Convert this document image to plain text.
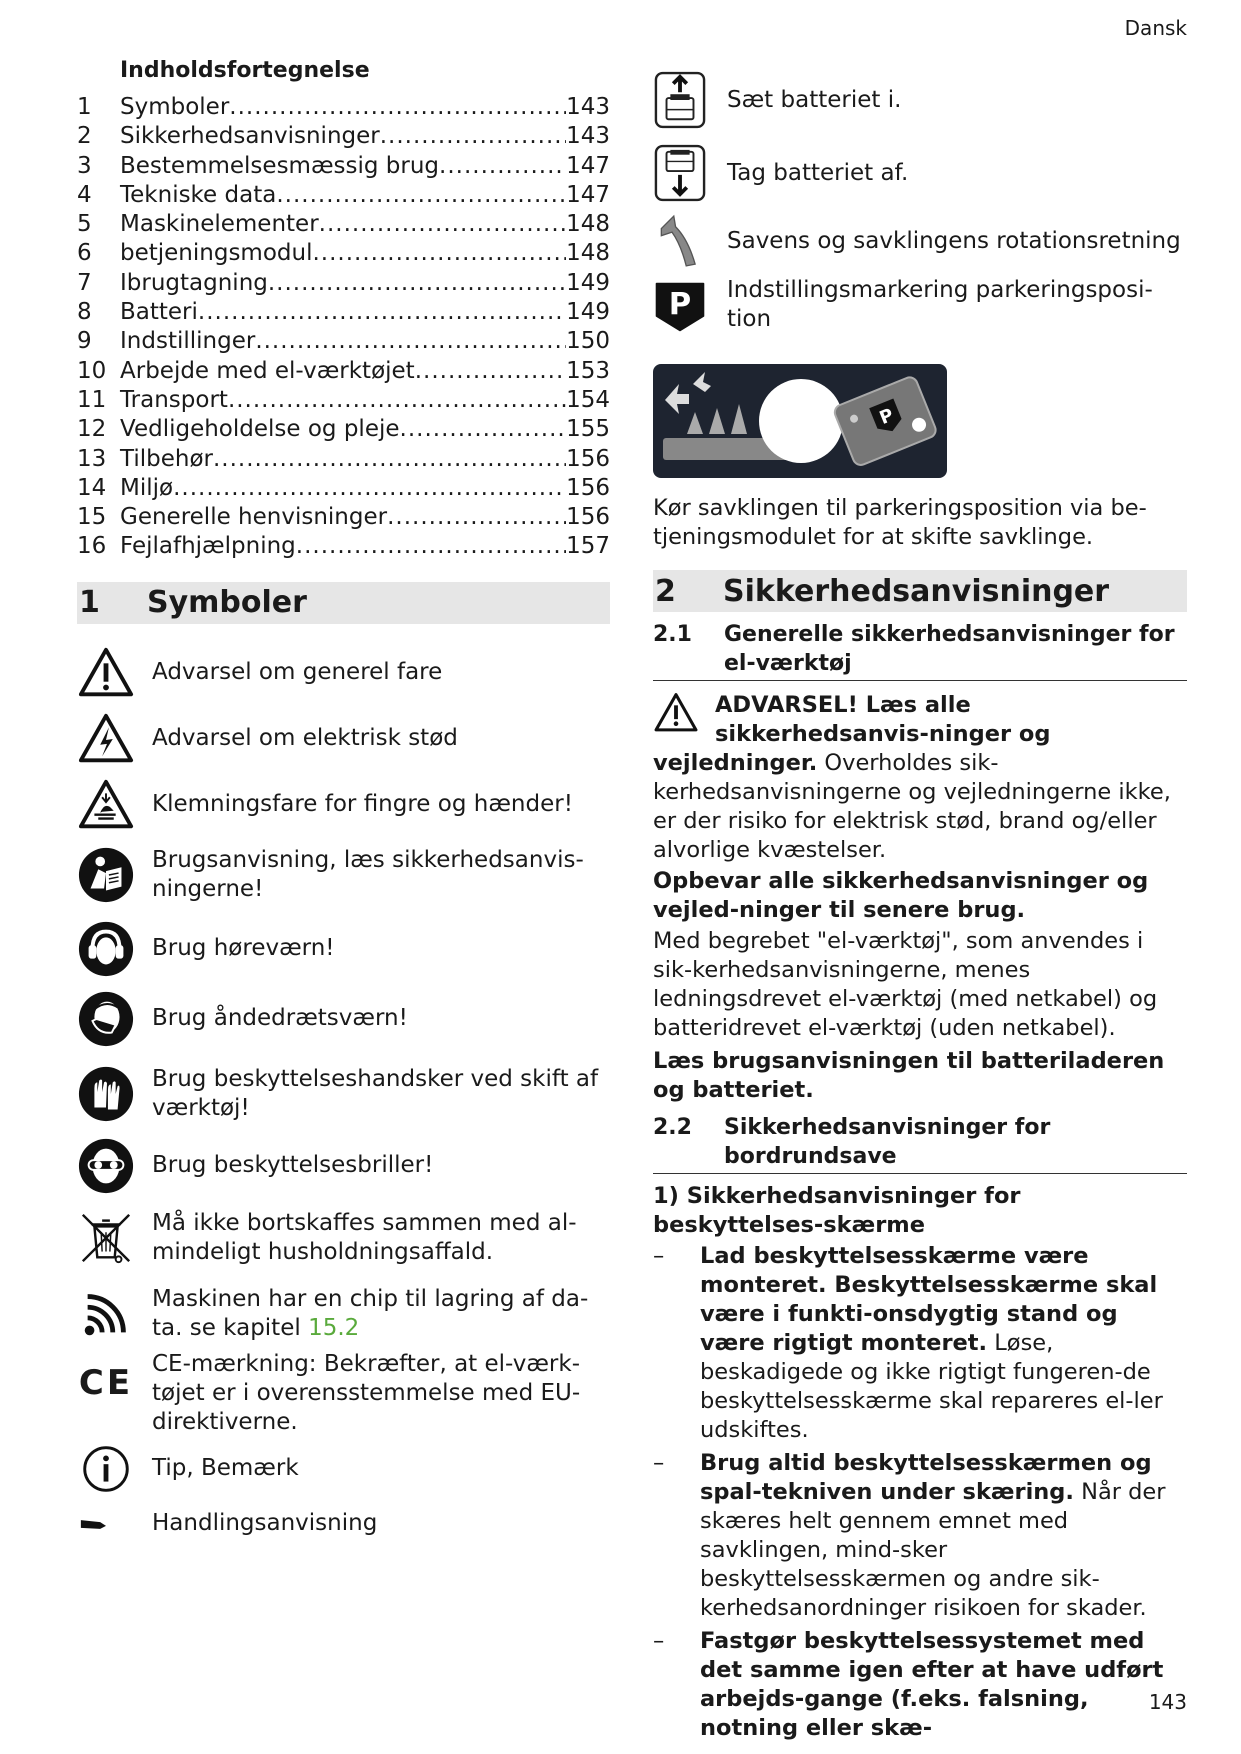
Dansk
Indholdsfortegnelse
1	Symboler .....	143
2	Sikkerhedsanvisninger .....	143
3	Bestemmelsesmæssig brug .....	147
4	Tekniske data .....	147
5	Maskinelementer .....	148
6	betjeningsmodul .....	148
7	Ibrugtagning .....	149
8	Batteri .....	149
9	Indstillinger .....	150
10 Arbejde med el-værktøjet .....	153
11 Transport .....	154
12 Vedligeholdelse og pleje .....	155
13 Tilbehør .....	156
14 Miljø .....	156
15 Generelle henvisninger .....	156
16 Fejlafhjælpning .....	157
1	Symboler
Advarsel om generel fare
Advarsel om elektrisk stød
Klemningsfare for fingre og hænder!
Brugsanvisning, læs sikkerhedsanvis-ningerne!
Brug høreværn!
Brug åndedrætsværn!
Brug beskyttelseshandsker ved skift af værktøj!
Brug beskyttelsesbriller!
Må ikke bortskaffes sammen med al-mindeligt husholdningsaffald.
Maskinen har en chip til lagring af da-ta. se kapitel 15.2
CE CE-mærkning: Bekræfter, at el-værk-tøjet er i overensstemmelse med EU-direktiverne.
Tip, Bemærk
Handlingsanvisning
Sæt batteriet i.
Tag batteriet af.
Savens og savklingens rotationsretning
P Indstillingsmarkering parkeringsposi-tion
P
Kør savklingen til parkeringsposition via be-tjeningsmodulet for at skifte savklinge.
2	Sikkerhedsanvisninger
2.1	Generelle sikkerhedsanvisninger for el-værktøj
ADVARSEL! Læs alle sikkerhedsanvis-ninger og vejledninger. Overholdes sik-kerhedsanvisningerne og vejledningerne ikke, er der risiko for elektrisk stød, brand og/eller alvorlige kvæstelser.
Opbevar alle sikkerhedsanvisninger og vejled-ninger til senere brug.
Med begrebet "el-værktøj", som anvendes i sik-kerhedsanvisningerne, menes ledningsdrevet el-værktøj (med netkabel) og batteridrevet el-værktøj (uden netkabel).
Læs brugsanvisningen til batteriladeren og batteriet.
2.2	Sikkerhedsanvisninger for bordrundsave
1) Sikkerhedsanvisninger for beskyttelses-skærme
–	Lad beskyttelsesskærme være monteret. Beskyttelsesskærme skal være i funkti-onsdygtig stand og være rigtigt monteret. Løse, beskadigede og ikke rigtigt fungeren-de beskyttelsesskærme skal repareres el-ler udskiftes.
–	Brug altid beskyttelsesskærmen og spal-tekniven under skæring. Når der skæres helt gennem emnet med savklingen, mind-sker beskyttelsesskærmen og andre sik-kerhedsanordninger risikoen for skader.
–	Fastgør beskyttelsessystemet med det samme igen efter at have udført arbejds-gange (f.eks. falsning, notning eller skæ-
143
